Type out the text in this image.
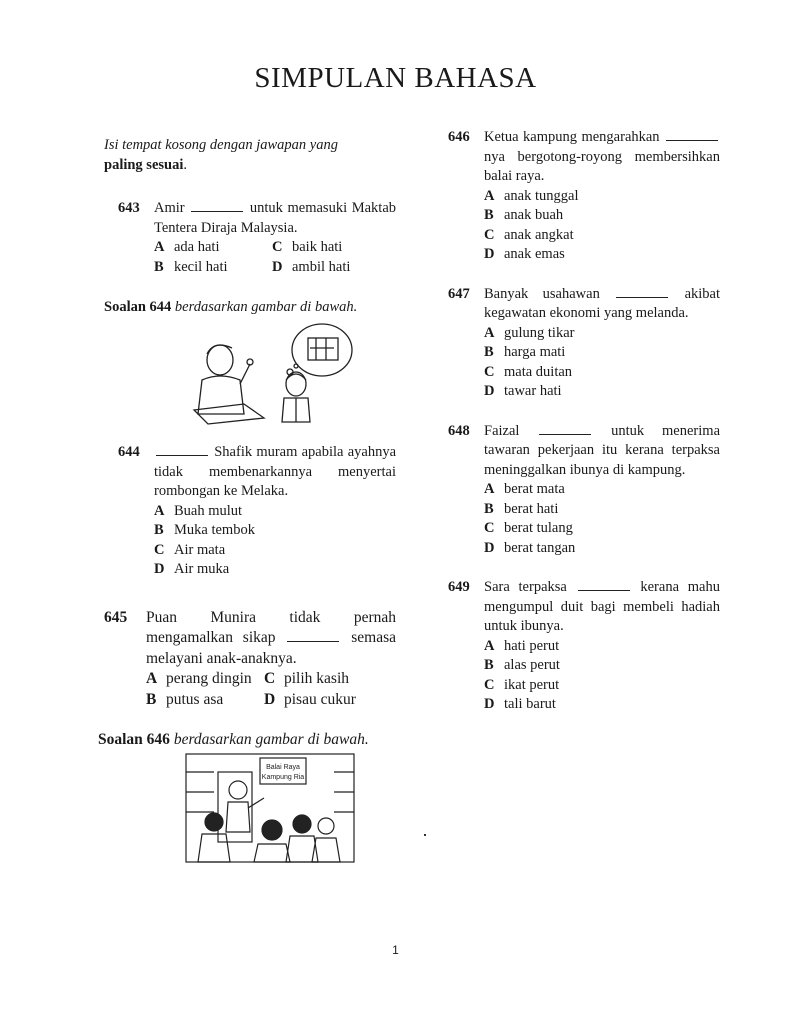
SIMPULAN BAHASA
Isi tempat kosong dengan jawapan yang
paling sesuai.
643 Amir	untuk memasuki Maktab Tentera Diraja Malaysia.
A ada hati	C baik hati
B kecil hati	D ambil hati
Soalan 644 berdasarkan gambar di bawah.
644	Shafik muram apabila ayahnya tidak membenarkannya menyertai rombongan ke Melaka.
A Buah mulut
B Muka tembok
C Air mata
D Air muka
645	Puan Munira tidak pernah mengamalkan sikap	semasa melayani anak-anaknya.
A perang dingin C pilih kasih
B putus asa	D pisau cukur
Soalan 646 berdasarkan gambar di bawah.
646 Ketua kampung mengarahkan nya bergotong-royong membersihkan balai raya.
A anak tunggal
B anak buah
C anak angkat
D anak emas
647 Banyak usahawan	akibat kegawatan ekonomi yang melanda.
A gulung tikar
B harga mati
C mata duitan
D tawar hati
648 Faizal	untuk menerima tawaran pekerjaan itu kerana terpaksa meninggalkan ibunya di kampung.
A berat mata
B berat hati
C berat tulang
D berat tangan
649 Sara terpaksa	kerana mahu mengumpul duit bagi membeli hadiah untuk ibunya.
A hati perut
B alas perut
C ikat perut
D tali barut
Balai Raya
Kampung Ria
1
